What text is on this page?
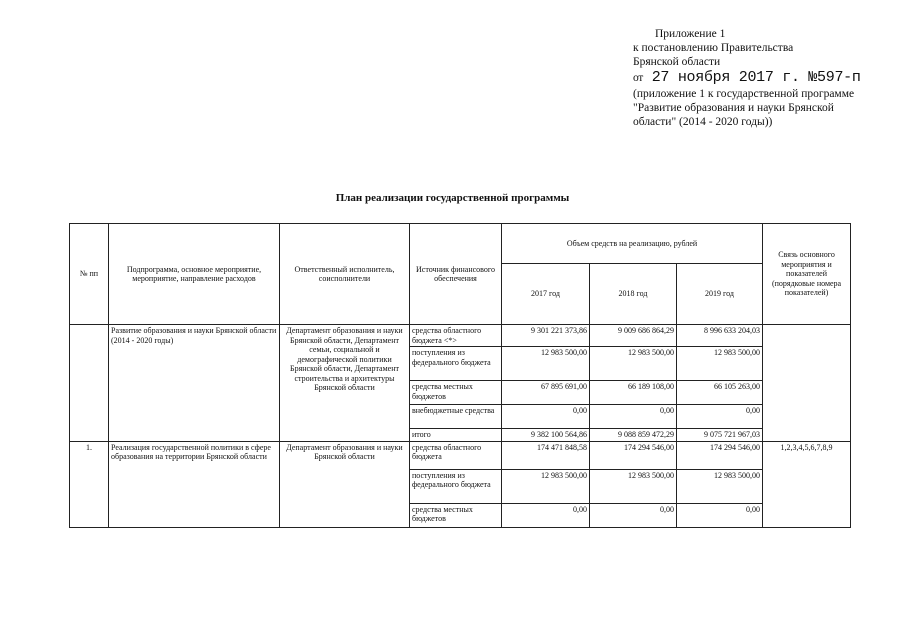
Приложение 1
к постановлению Правительства
Брянской области
от 27 ноября 2017 г. №597-п
(приложение 1 к государственной программе
"Развитие образования и науки Брянской
области" (2014 - 2020 годы))
План реализации государственной программы
№ пп	Подпрограмма, основное мероприятие, мероприятие, направление расходов	Ответственный исполнитель, соисполнители	Источник финансового обеспечения	Объем средств на реализацию, рублей			Связь основного мероприятия и показателей (порядковые номера показателей)
				2017 год	2018 год	2019 год	
	Развитие образования и науки Брянской области (2014 - 2020 годы)	Департамент образования и науки Брянской области, Департамент семьи, социальной и демографической политики Брянской области, Департамент строительства и архитектуры Брянской области	средства областного бюджета <*>	9 301 221 373,86	9 009 686 864,29	8 996 633 204,03	
			поступления из федерального бюджета	12 983 500,00	12 983 500,00	12 983 500,00	
			средства местных бюджетов	67 895 691,00	66 189 108,00	66 105 263,00	
			внебюджетные средства	0,00	0,00	0,00	
			итого	9 382 100 564,86	9 088 859 472,29	9 075 721 967,03	
1.	Реализация государственной политики в сфере образования на территории Брянской области	Департамент образования и науки Брянской области	средства областного бюджета	174 471 848,58	174 294 546,00	174 294 546,00	1,2,3,4,5,6,7,8,9
			поступления из федерального бюджета	12 983 500,00	12 983 500,00	12 983 500,00	
			средства местных бюджетов	0,00	0,00	0,00	
